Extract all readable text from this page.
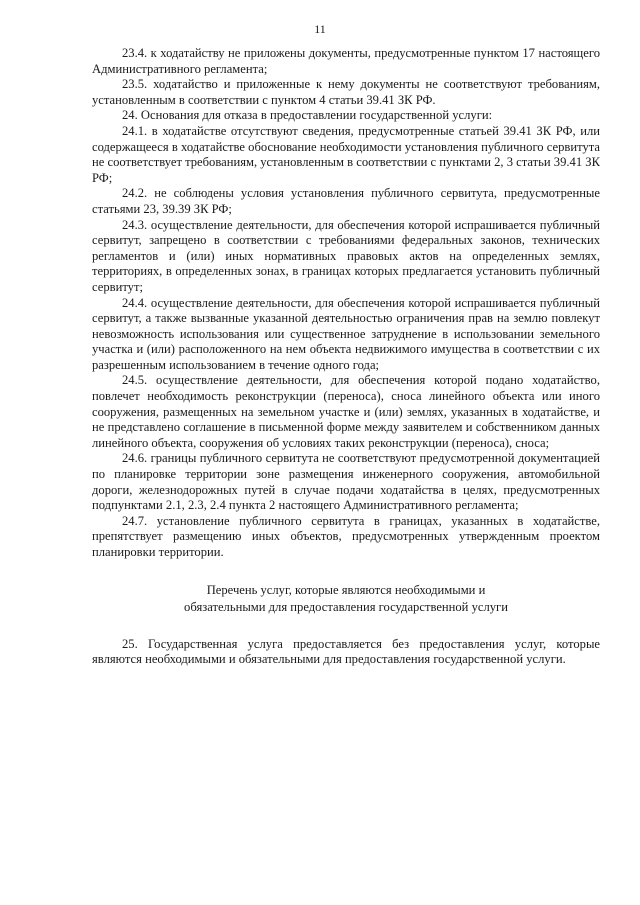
11

23.4. к ходатайству не приложены документы, предусмотренные пунктом 17 настоящего Административного регламента;

23.5. ходатайство и приложенные к нему документы не соответствуют требованиям, установленным в соответствии с пунктом 4 статьи 39.41 ЗК РФ.

24. Основания для отказа в предоставлении государственной услуги:

24.1. в ходатайстве отсутствуют сведения, предусмотренные статьей 39.41 ЗК РФ, или содержащееся в ходатайстве обоснование необходимости установления публичного сервитута не соответствует требованиям, установленным в соответствии с пунктами 2, 3 статьи 39.41 ЗК РФ;

24.2. не соблюдены условия установления публичного сервитута, предусмотренные статьями 23, 39.39 ЗК РФ;

24.3. осуществление деятельности, для обеспечения которой испрашивается публичный сервитут, запрещено в соответствии с требованиями федеральных законов, технических регламентов и (или) иных нормативных правовых актов на определенных землях, территориях, в определенных зонах, в границах которых предлагается установить публичный сервитут;

24.4. осуществление деятельности, для обеспечения которой испрашивается публичный сервитут, а также вызванные указанной деятельностью ограничения прав на землю повлекут невозможность использования или существенное затруднение в использовании земельного участка и (или) расположенного на нем объекта недвижимого имущества в соответствии с их разрешенным использованием в течение одного года;

24.5. осуществление деятельности, для обеспечения которой подано ходатайство, повлечет необходимость реконструкции (переноса), сноса линейного объекта или иного сооружения, размещенных на земельном участке и (или) землях, указанных в ходатайстве, и не представлено соглашение в письменной форме между заявителем и собственником данных линейного объекта, сооружения об условиях таких реконструкции (переноса), сноса;

24.6. границы публичного сервитута не соответствуют предусмотренной документацией по планировке территории зоне размещения инженерного сооружения, автомобильной дороги, железнодорожных путей в случае подачи ходатайства в целях, предусмотренных подпунктами 2.1, 2.3, 2.4 пункта 2 настоящего Административного регламента;

24.7. установление публичного сервитута в границах, указанных в ходатайстве, препятствует размещению иных объектов, предусмотренных утвержденным проектом планировки территории.

Перечень услуг, которые являются необходимыми и
обязательными для предоставления государственной услуги

25. Государственная услуга предоставляется без предоставления услуг, которые являются необходимыми и обязательными для предоставления государственной услуги.
